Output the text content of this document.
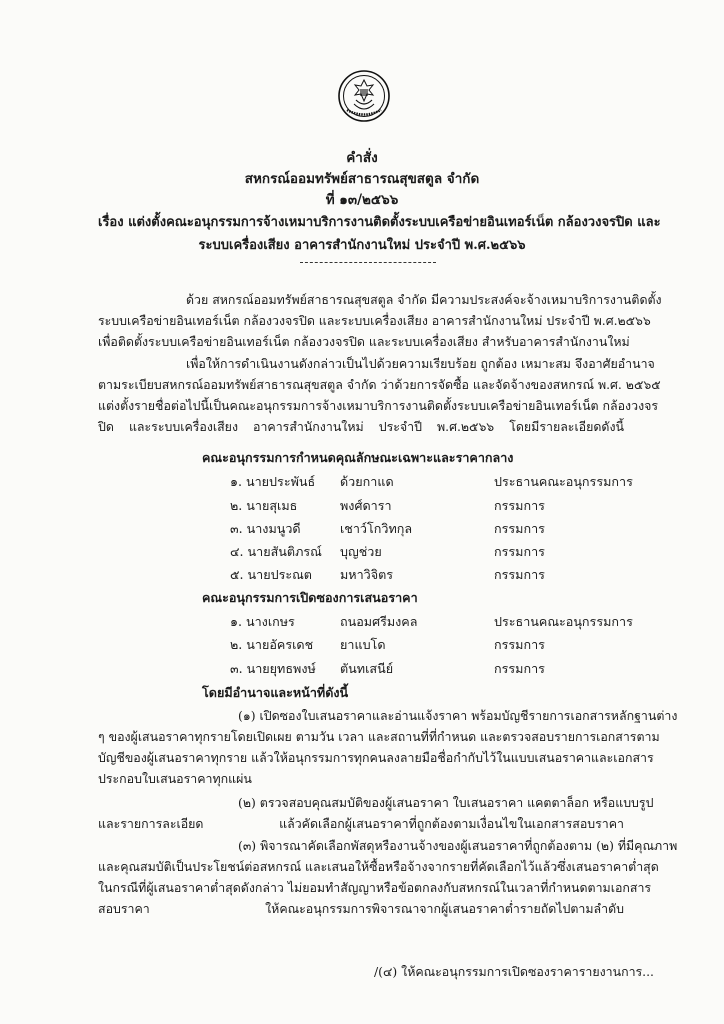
คำสั่ง
สหกรณ์ออมทรัพย์สาธารณสุขสตูล จำกัด
ที่ ๑๓/๒๕๖๖
เรื่อง แต่งตั้งคณะอนุกรรมการจ้างเหมาบริการงานติดตั้งระบบเครือข่ายอินเทอร์เน็ต กล้องวงจรปิด และ
ระบบเครื่องเสียง อาคารสำนักงานใหม่ ประจำปี พ.ศ.๒๕๖๖
ด้วย สหกรณ์ออมทรัพย์สาธารณสุขสตูล จำกัด มีความประสงค์จะจ้างเหมาบริการงานติดตั้ง
ระบบเครือข่ายอินเทอร์เน็ต กล้องวงจรปิด และระบบเครื่องเสียง อาคารสำนักงานใหม่ ประจำปี พ.ศ.๒๕๖๖
เพื่อติดตั้งระบบเครือข่ายอินเทอร์เน็ต กล้องวงจรปิด และระบบเครื่องเสียง สำหรับอาคารสำนักงานใหม่
เพื่อให้การดำเนินงานดังกล่าวเป็นไปด้วยความเรียบร้อย ถูกต้อง เหมาะสม จึงอาศัยอำนาจ
ตามระเบียบสหกรณ์ออมทรัพย์สาธารณสุขสตูล จำกัด ว่าด้วยการจัดซื้อ และจัดจ้างของสหกรณ์ พ.ศ. ๒๕๖๕
แต่งตั้งรายชื่อต่อไปนี้เป็นคณะอนุกรรมการจ้างเหมาบริการงานติดตั้งระบบเครือข่ายอินเทอร์เน็ต กล้องวงจร
ปิด และระบบเครื่องเสียง อาคารสำนักงานใหม่ ประจำปี พ.ศ.๒๕๖๖ โดยมีรายละเอียดดังนี้
คณะอนุกรรมการกำหนดคุณลักษณะเฉพาะและราคากลาง
๑. นายประพันธ์ ด้วยกาแด	ประธานคณะอนุกรรมการ
๒. นายสุเมธ	พงศ์ดารา	กรรมการ
๓. นางมนูวดี	เชาว์โกวิทกุล	กรรมการ
๔. นายสันติภรณ์ บุญช่วย	กรรมการ
๕. นายประณต มหาวิจิตร	กรรมการ
คณะอนุกรรมการเปิดซองการเสนอราคา
๑. นางเกษร	ถนอมศรีมงคล	ประธานคณะอนุกรรมการ
๒. นายอัครเดช ยาแบโด	กรรมการ
๓. นายยุทธพงษ์ ตันทเสนีย์	กรรมการ
โดยมีอำนาจและหน้าที่ดังนี้
(๑) เปิดซองใบเสนอราคาและอ่านแจ้งราคา พร้อมบัญชีรายการเอกสารหลักฐานต่าง
ๆ ของผู้เสนอราคาทุกรายโดยเปิดเผย ตามวัน เวลา และสถานที่ที่กำหนด และตรวจสอบรายการเอกสารตาม
บัญชีของผู้เสนอราคาทุกราย แล้วให้อนุกรรมการทุกคนลงลายมือชื่อกำกับไว้ในแบบเสนอราคาและเอกสาร
ประกอบใบเสนอราคาทุกแผ่น
(๒) ตรวจสอบคุณสมบัติของผู้เสนอราคา ใบเสนอราคา แคตตาล็อก หรือแบบรูป
และรายการละเอียด แล้วคัดเลือกผู้เสนอราคาที่ถูกต้องตามเงื่อนไขในเอกสารสอบราคา
(๓) พิจารณาคัดเลือกพัสดุหรืองานจ้างของผู้เสนอราคาที่ถูกต้องตาม (๒) ที่มีคุณภาพ
และคุณสมบัติเป็นประโยชน์ต่อสหกรณ์ และเสนอให้ซื้อหรือจ้างจากรายที่คัดเลือกไว้แล้วซึ่งเสนอราคาต่ำสุด
ในกรณีที่ผู้เสนอราคาต่ำสุดดังกล่าว ไม่ยอมทำสัญญาหรือข้อตกลงกับสหกรณ์ในเวลาที่กำหนดตามเอกสาร
สอบราคา ให้คณะอนุกรรมการพิจารณาจากผู้เสนอราคาต่ำรายถัดไปตามลำดับ
/(๔) ให้คณะอนุกรรมการเปิดซองราคารายงานการ...
